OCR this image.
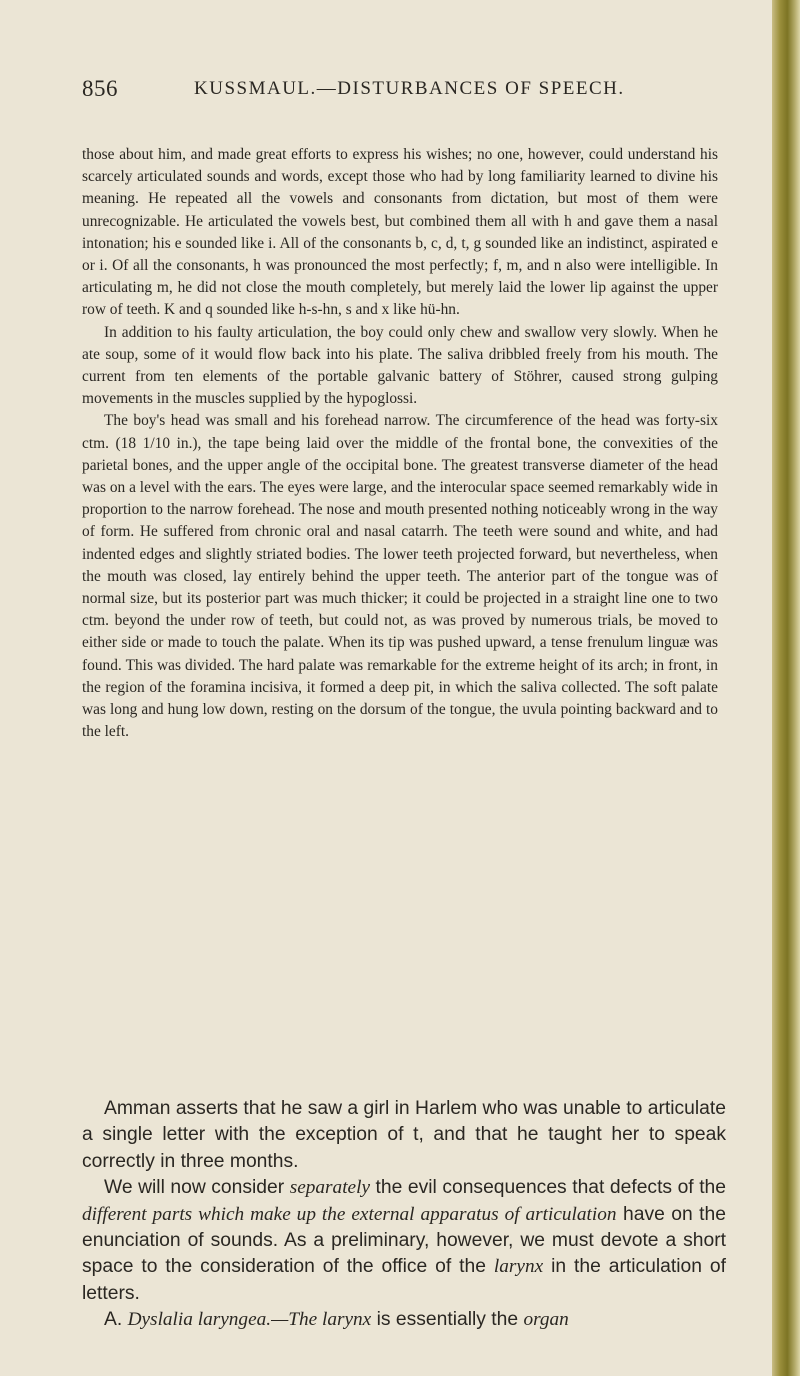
856	KUSSMAUL.—DISTURBANCES OF SPEECH.

those about him, and made great efforts to express his wishes; no one, however, could understand his scarcely articulated sounds and words, except those who had by long familiarity learned to divine his meaning. He repeated all the vowels and consonants from dictation, but most of them were unrecognizable. He articulated the vowels best, but combined them all with h and gave them a nasal intonation; his e sounded like i. All of the consonants b, c, d, t, g sounded like an indistinct, aspirated e or i. Of all the consonants, h was pronounced the most perfectly; f, m, and n also were intelligible. In articulating m, he did not close the mouth completely, but merely laid the lower lip against the upper row of teeth. K and q sounded like h-s-hn, s and x like hü-hn.

In addition to his faulty articulation, the boy could only chew and swallow very slowly. When he ate soup, some of it would flow back into his plate. The saliva dribbled freely from his mouth. The current from ten elements of the portable galvanic battery of Stöhrer, caused strong gulping movements in the muscles supplied by the hypoglossi.

The boy's head was small and his forehead narrow. The circumference of the head was forty-six ctm. (18 1/10 in.), the tape being laid over the middle of the frontal bone, the convexities of the parietal bones, and the upper angle of the occipital bone. The greatest transverse diameter of the head was on a level with the ears. The eyes were large, and the interocular space seemed remarkably wide in proportion to the narrow forehead. The nose and mouth presented nothing noticeably wrong in the way of form. He suffered from chronic oral and nasal catarrh. The teeth were sound and white, and had indented edges and slightly striated bodies. The lower teeth projected forward, but nevertheless, when the mouth was closed, lay entirely behind the upper teeth. The anterior part of the tongue was of normal size, but its posterior part was much thicker; it could be projected in a straight line one to two ctm. beyond the under row of teeth, but could not, as was proved by numerous trials, be moved to either side or made to touch the palate. When its tip was pushed upward, a tense frenulum linguæ was found. This was divided. The hard palate was remarkable for the extreme height of its arch; in front, in the region of the foramina incisiva, it formed a deep pit, in which the saliva collected. The soft palate was long and hung low down, resting on the dorsum of the tongue, the uvula pointing backward and to the left.

Amman asserts that he saw a girl in Harlem who was unable to articulate a single letter with the exception of t, and that he taught her to speak correctly in three months.

We will now consider separately the evil consequences that defects of the different parts which make up the external apparatus of articulation have on the enunciation of sounds. As a preliminary, however, we must devote a short space to the consideration of the office of the larynx in the articulation of letters.

A. Dyslalia laryngea.—The larynx is essentially the organ
